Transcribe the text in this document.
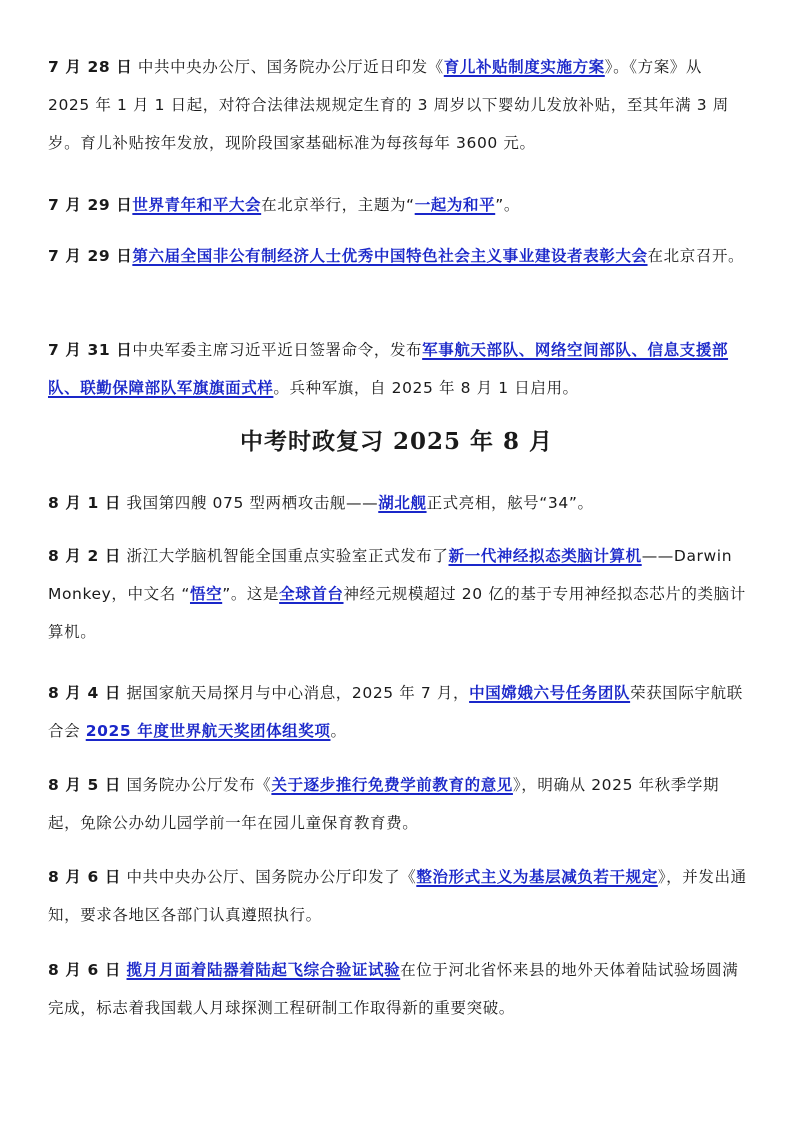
7 月 28 日 中共中央办公厅、国务院办公厅近日印发《育儿补贴制度实施方案》。《方案》从 2025 年 1 月 1 日起，对符合法律法规规定生育的 3 周岁以下婴幼儿发放补贴，至其年满 3 周岁。育儿补贴按年发放，现阶段国家基础标准为每孩每年 3600 元。

7 月 29 日世界青年和平大会在北京举行，主题为“一起为和平”。

7 月 29 日第六届全国非公有制经济人士优秀中国特色社会主义事业建设者表彰大会在北京召开。

7 月 31 日中央军委主席习近平近日签署命令，发布军事航天部队、网络空间部队、信息支援部队、联勤保障部队军旗旗面式样。兵种军旗，自 2025 年 8 月 1 日启用。

中考时政复习 2025 年 8 月

8 月 1 日 我国第四艘 075 型两栖攻击舰——湖北舰正式亮相，舷号“34”。

8 月 2 日 浙江大学脑机智能全国重点实验室正式发布了新一代神经拟态类脑计算机——Darwin Monkey，中文名 “悟空”。这是全球首台神经元规模超过 20 亿的基于专用神经拟态芯片的类脑计算机。

8 月 4 日 据国家航天局探月与中心消息，2025 年 7 月，中国嫦娥六号任务团队荣获国际宇航联合会 2025 年度世界航天奖团体组奖项。

8 月 5 日 国务院办公厅发布《关于逐步推行免费学前教育的意见》，明确从 2025 年秋季学期起，免除公办幼儿园学前一年在园儿童保育教育费。

8 月 6 日 中共中央办公厅、国务院办公厅印发了《整治形式主义为基层减负若干规定》，并发出通知，要求各地区各部门认真遵照执行。

8 月 6 日 揽月月面着陆器着陆起飞综合验证试验在位于河北省怀来县的地外天体着陆试验场圆满完成，标志着我国载人月球探测工程研制工作取得新的重要突破。
